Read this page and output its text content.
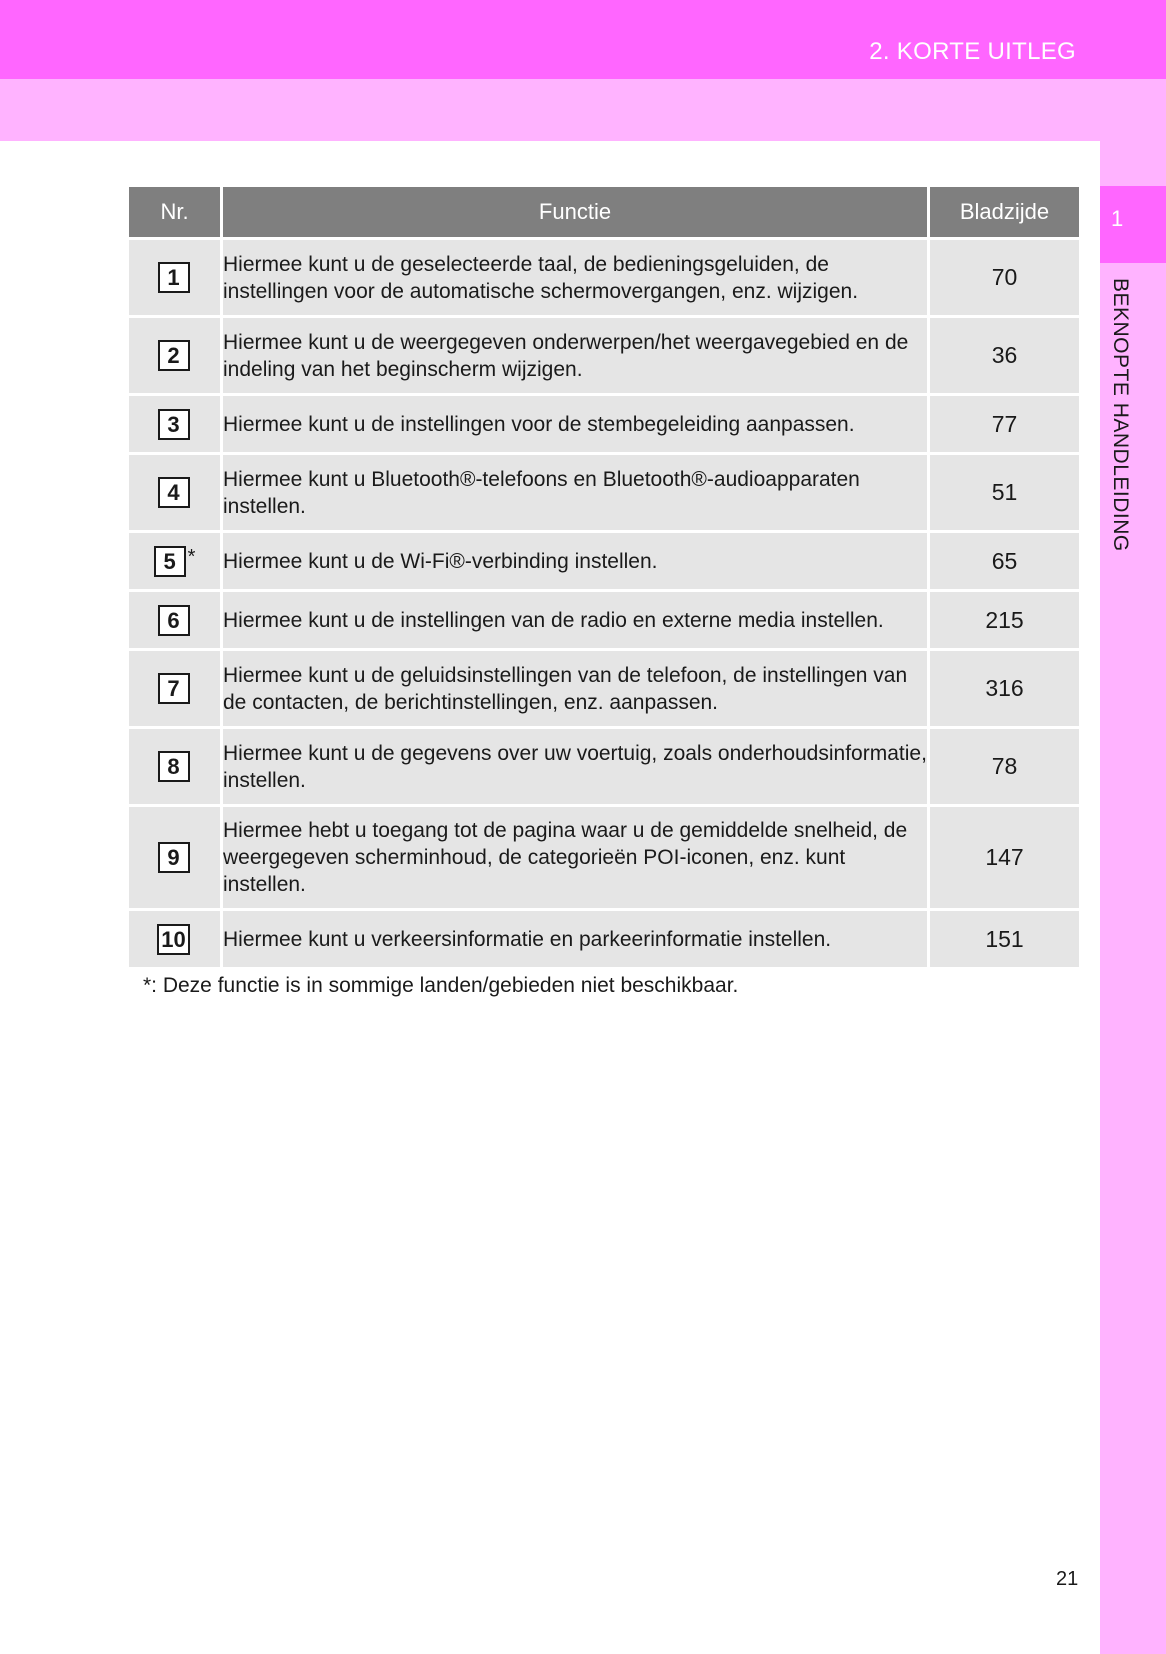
2. KORTE UITLEG
1
BEKNOPTE HANDLEIDING
Nr.	Functie	Bladzijde
1	Hiermee kunt u de geselecteerde taal, de bedieningsgeluiden, de instellingen voor de automatische schermovergangen, enz. wijzigen.	70
2	Hiermee kunt u de weergegeven onderwerpen/het weergavegebied en de indeling van het beginscherm wijzigen.	36
3	Hiermee kunt u de instellingen voor de stembegeleiding aanpassen.	77
4	Hiermee kunt u Bluetooth®-telefoons en Bluetooth®-audioapparaten instellen.	51
5 *	Hiermee kunt u de Wi-Fi®-verbinding instellen.	65
6	Hiermee kunt u de instellingen van de radio en externe media instellen.	215
7	Hiermee kunt u de geluidsinstellingen van de telefoon, de instellingen van de contacten, de berichtinstellingen, enz. aanpassen.	316
8	Hiermee kunt u de gegevens over uw voertuig, zoals onderhoudsinformatie, instellen.	78
9	Hiermee hebt u toegang tot de pagina waar u de gemiddelde snelheid, de weergegeven scherminhoud, de categorieën POI-iconen, enz. kunt instellen.	147
10	Hiermee kunt u verkeersinformatie en parkeerinformatie instellen.	151
*: Deze functie is in sommige landen/gebieden niet beschikbaar.
21
